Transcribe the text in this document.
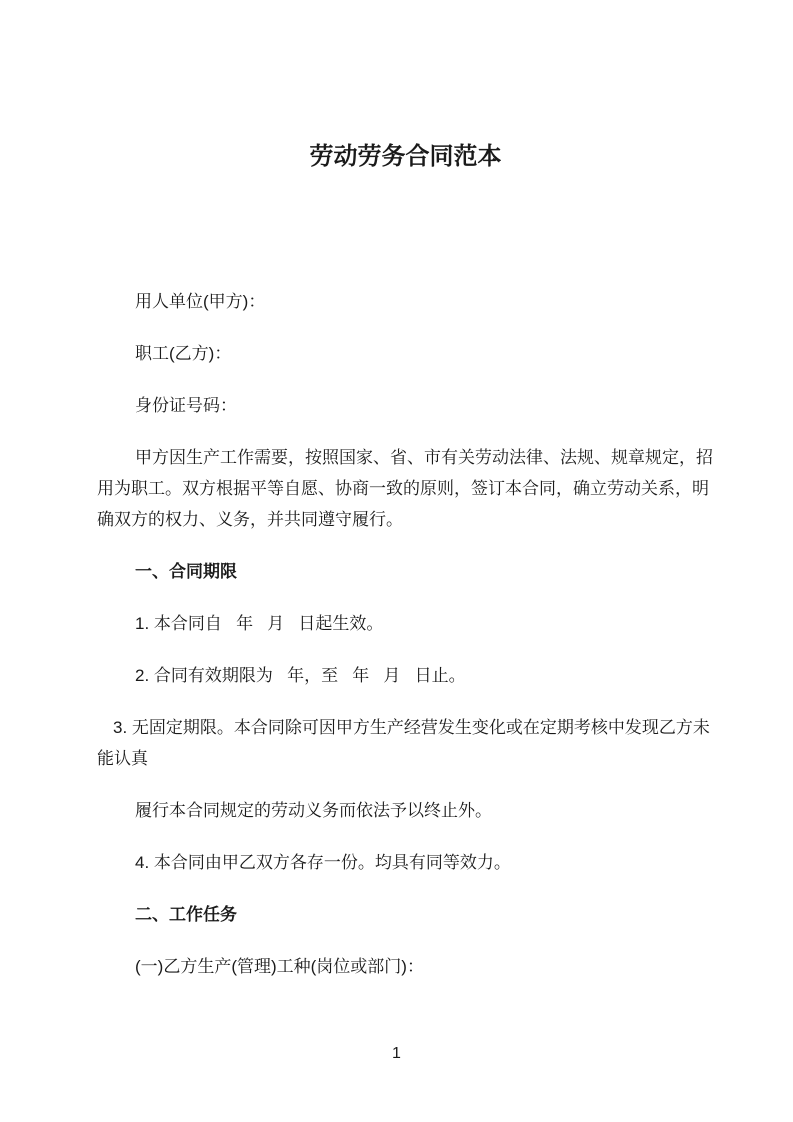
劳动劳务合同范本

用人单位(甲方)：

职工(乙方)：

身份证号码：

甲方因生产工作需要，按照国家、省、市有关劳动法律、法规、规章规定，招用为职工。双方根据平等自愿、协商一致的原则，签订本合同，确立劳动关系，明确双方的权力、义务，并共同遵守履行。

一、合同期限

1. 本合同自   年   月   日起生效。

2. 合同有效期限为   年，至   年   月   日止。

3. 无固定期限。本合同除可因甲方生产经营发生变化或在定期考核中发现乙方未能认真

履行本合同规定的劳动义务而依法予以终止外。

4. 本合同由甲乙双方各存一份。均具有同等效力。

二、工作任务

(一)乙方生产(管理)工种(岗位或部门)：

1
